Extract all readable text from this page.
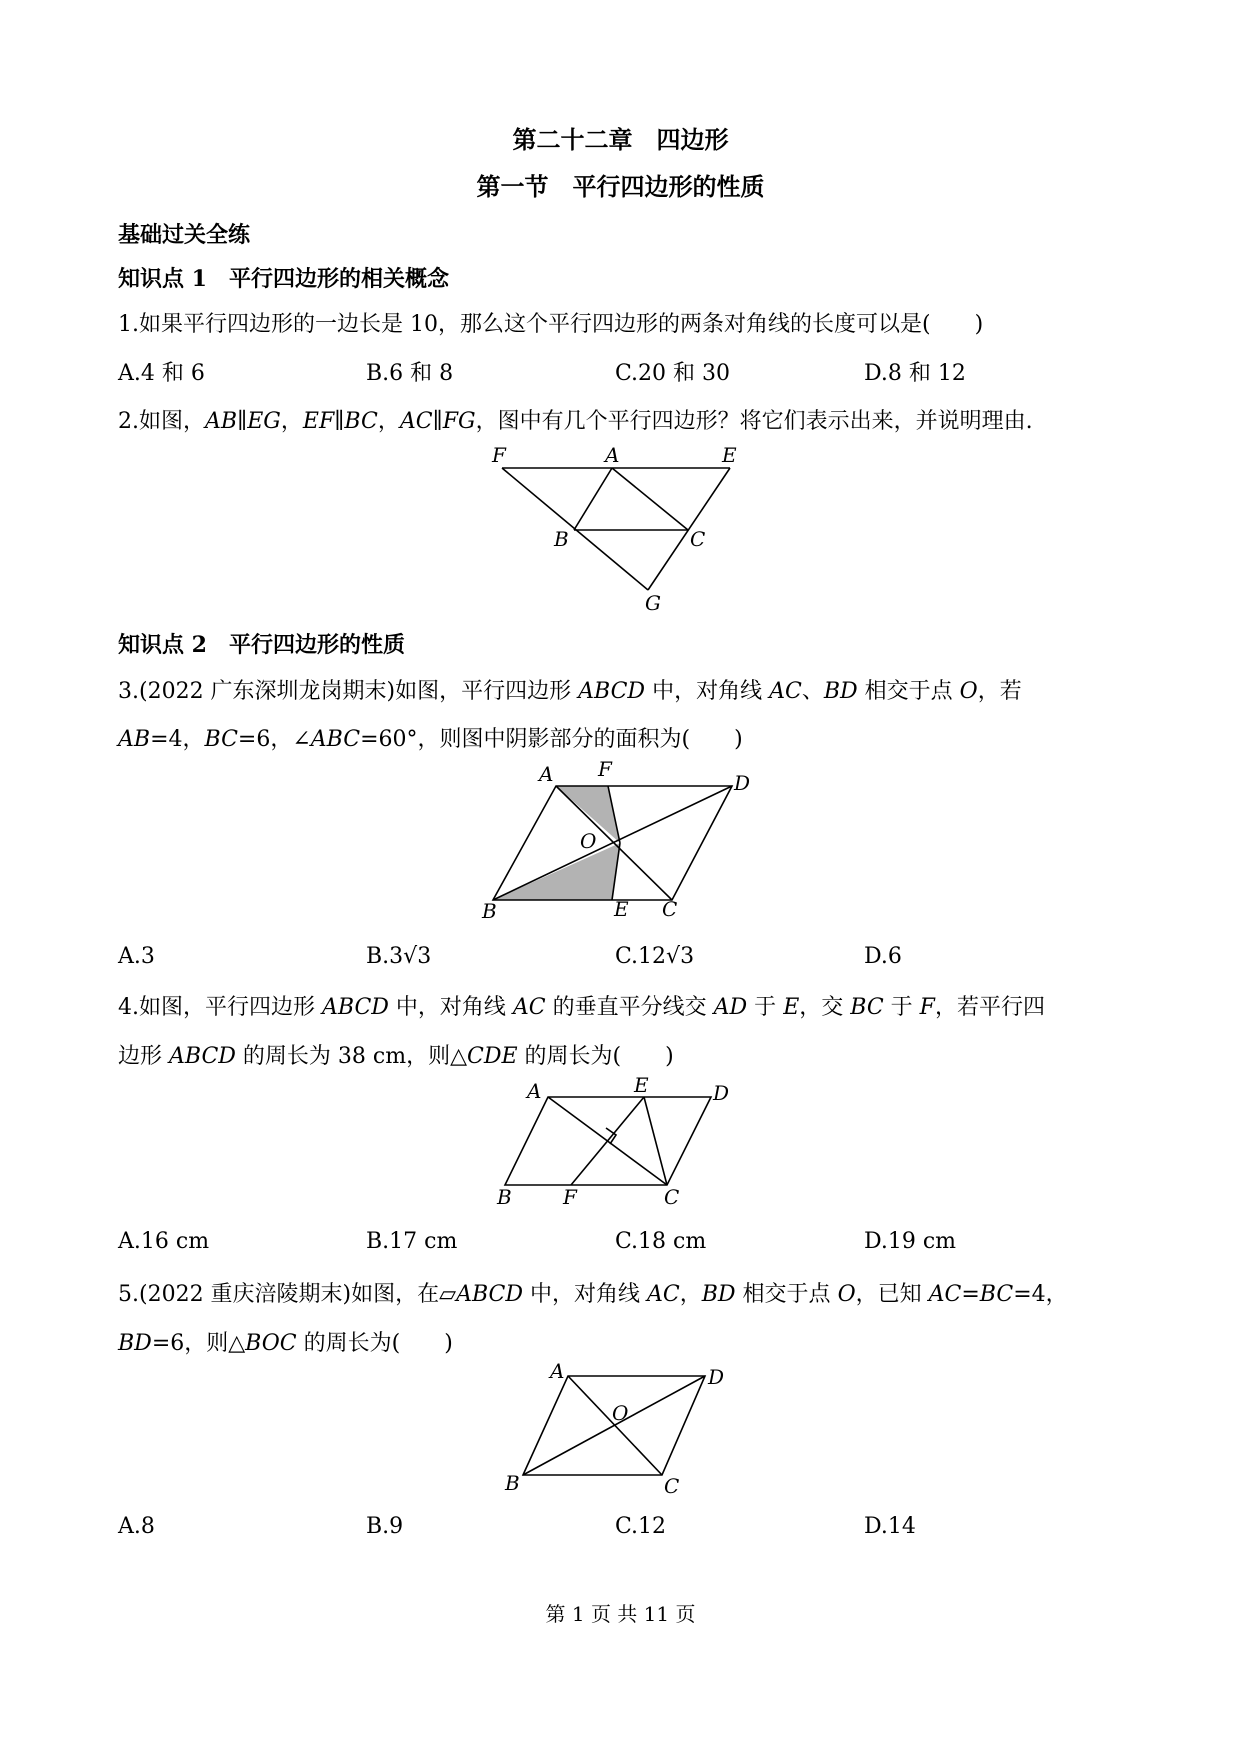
第二十二章　四边形
第一节　平行四边形的性质
基础过关全练
知识点 1　平行四边形的相关概念
1.如果平行四边形的一边长是 10，那么这个平行四边形的两条对角线的长度可以是(　　)
A.4 和 6	B.6 和 8	C.20 和 30	D.8 和 12
2.如图，AB∥EG，EF∥BC，AC∥FG，图中有几个平行四边形？将它们表示出来，并说明理由.
F	A	E
B	C
G
知识点 2　平行四边形的性质
3.(2022 广东深圳龙岗期末)如图，平行四边形 ABCD 中，对角线 AC、BD 相交于点 O，若
AB=4，BC=6，∠ABC=60°，则图中阴影部分的面积为(　　)
A F
D
O
B	E C
A.3	B.3√3	C.12√3	D.6
4.如图，平行四边形 ABCD 中，对角线 AC 的垂直平分线交 AD 于 E，交 BC 于 F，若平行四
边形 ABCD 的周长为 38 cm，则△CDE 的周长为(　　)
A	E	D
B	F	C
A.16 cm	B.17 cm	C.18 cm	D.19 cm
5.(2022 重庆涪陵期末)如图，在▱ABCD 中，对角线 AC，BD 相交于点 O，已知 AC=BC=4，
BD=6，则△BOC 的周长为(　　)
A	D
O
B	C
A.8	B.9	C.12	D.14
第 1 页 共 11 页
